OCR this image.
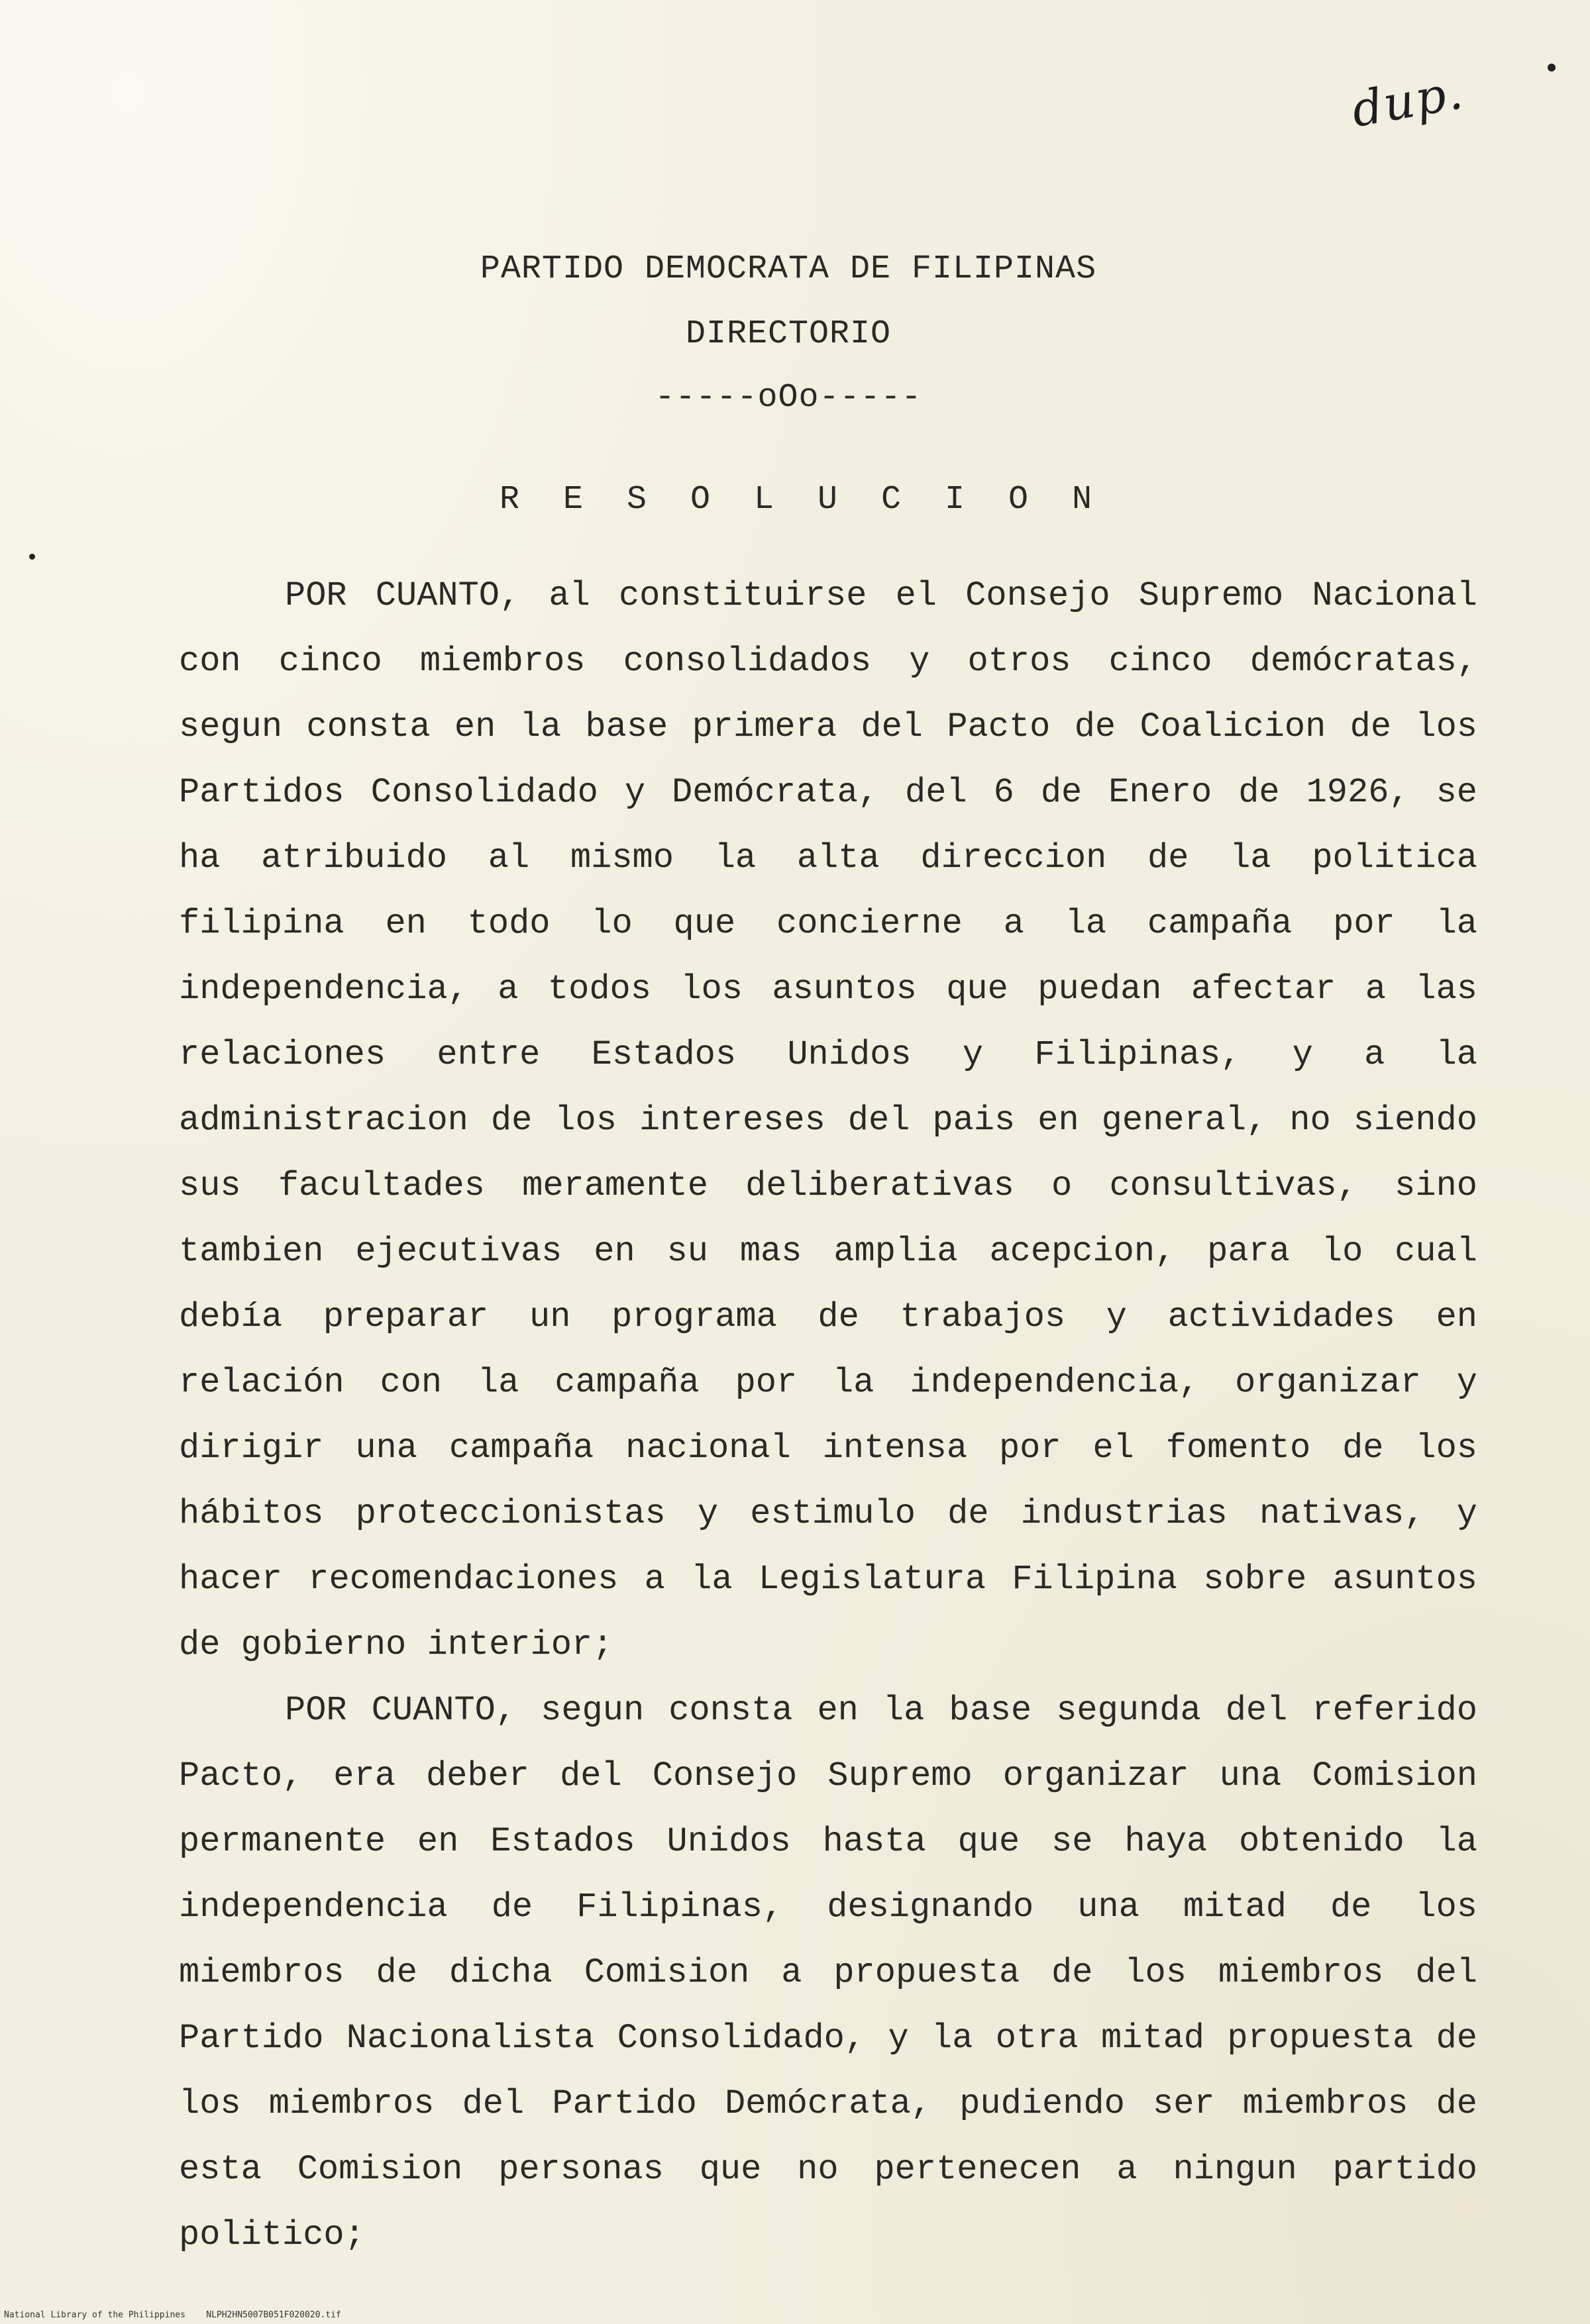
dup.
PARTIDO DEMOCRATA DE FILIPINAS
DIRECTORIO
-----oOo-----
R E S O L U C I O N

POR CUANTO, al constituirse el Consejo Supremo Nacional con cinco miembros consolidados y otros cinco demócratas, segun consta en la base primera del Pacto de Coalicion de los Partidos Consolidado y Demócrata, del 6 de Enero de 1926, se ha atribuido al mismo la alta direccion de la politica filipina en todo lo que concierne a la campaña por la independencia, a todos los asuntos que puedan afectar a las relaciones entre Estados Unidos y Filipinas, y a la administracion de los intereses del pais en general, no siendo sus facultades meramente deliberativas o consultivas, sino tambien ejecutivas en su mas amplia acepcion, para lo cual debía preparar un programa de trabajos y actividades en relación con la campaña por la independencia, organizar y dirigir una campaña nacional intensa por el fomento de los hábitos proteccionistas y estimulo de industrias nativas, y hacer recomendaciones a la Legislatura Filipina sobre asuntos de gobierno interior;

POR CUANTO, segun consta en la base segunda del referido Pacto, era deber del Consejo Supremo organizar una Comision permanente en Estados Unidos hasta que se haya obtenido la independencia de Filipinas, designando una mitad de los miembros de dicha Comision a propuesta de los miembros del Partido Nacionalista Consolidado, y la otra mitad propuesta de los miembros del Partido Demócrata, pudiendo ser miembros de esta Comision personas que no pertenecen a ningun partido politico;

National Library of the Philippines NLPH2HN5007B051F020020.tif
